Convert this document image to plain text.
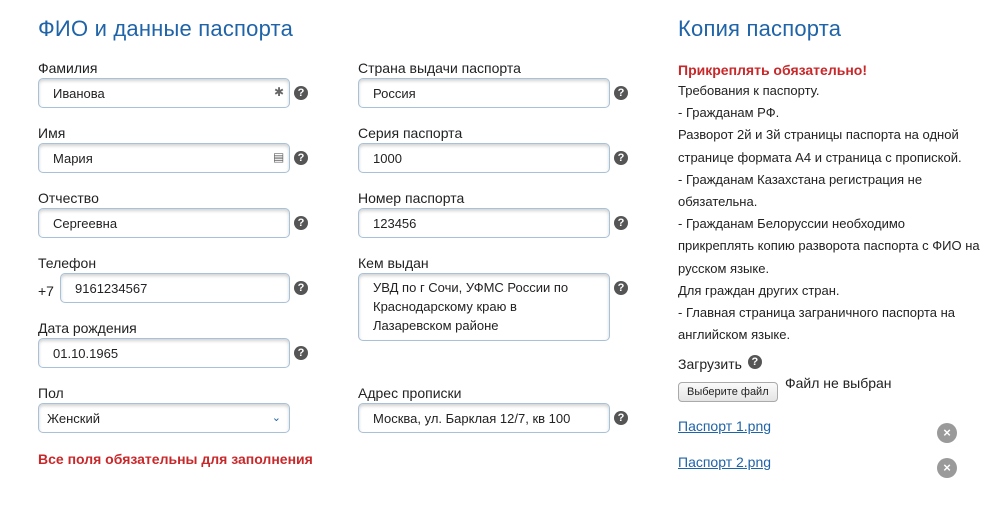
ФИО и данные паспорта
Фамилия
Иванова	✱	?
Имя
Мария	▤	?
Отчество
Сергеевна	?
Телефон
+7	9161234567	?
Дата рождения
01.10.1965	?
Пол
Женский	⌄
Все поля обязательны для заполнения
Страна выдачи паспорта
Россия	?
Серия паспорта
1000	?
Номер паспорта
123456	?
Кем выдан
УВД по г Сочи, УФМС России по Краснодарскому краю в Лазаревском районе
?
Адрес прописки
Москва, ул. Барклая 12/7, кв 100	?
Копия паспорта
Прикреплять обязательно!
Требования к паспорту.
- Гражданам РФ.
Разворот 2й и 3й страницы паспорта на одной странице формата А4 и страница с пропиской.
- Гражданам Казахстана регистрация не обязательна.
- Гражданам Белоруссии необходимо прикреплять копию разворота паспорта с ФИО на русском языке.
Для граждан других стран.
- Главная страница заграничного паспорта на английском языке.
Загрузить ?
Выберите файл
Файл не выбран
Паспорт 1.png	×
Паспорт 2.png	×
